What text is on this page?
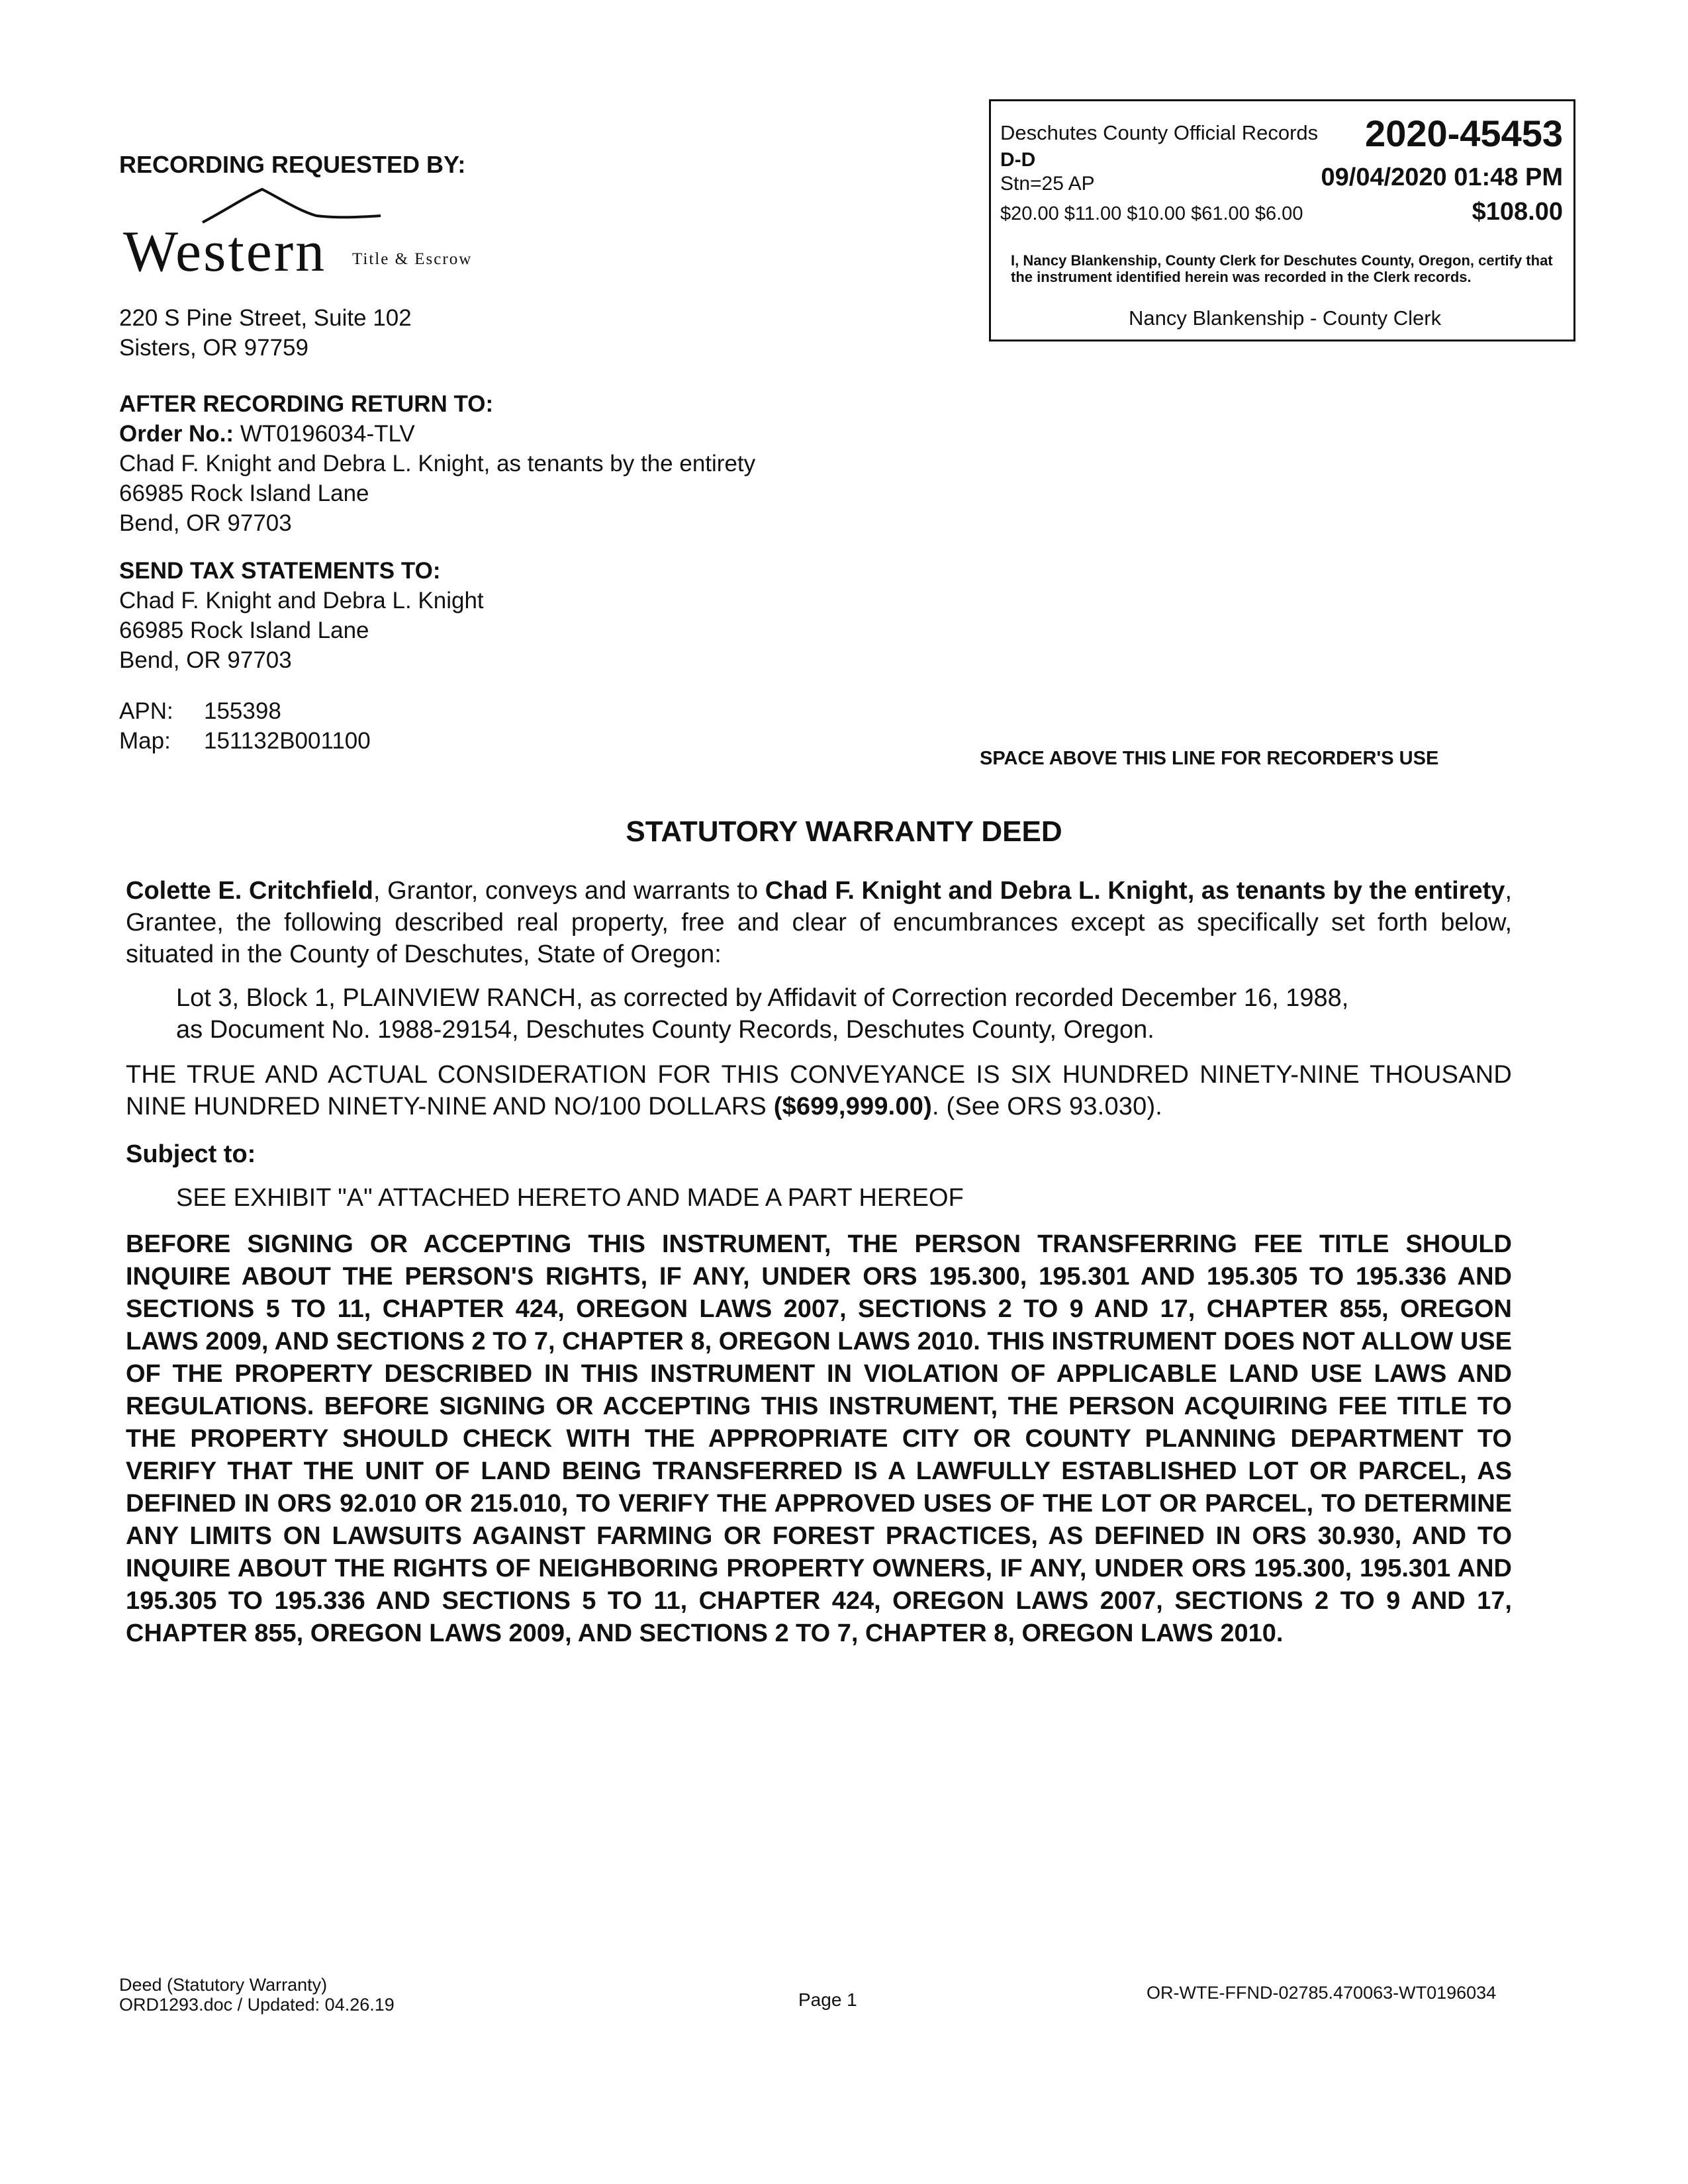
RECORDING REQUESTED BY:
Western Title & Escrow
220 S Pine Street, Suite 102
Sisters, OR 97759
AFTER RECORDING RETURN TO:
Order No.: WT0196034-TLV
Chad F. Knight and Debra L. Knight, as tenants by the entirety
66985 Rock Island Lane
Bend, OR 97703
SEND TAX STATEMENTS TO:
Chad F. Knight and Debra L. Knight
66985 Rock Island Lane
Bend, OR 97703
APN:	155398
Map:	151132B001100
Deschutes County Official Records 2020-45453
D-D
Stn=25 AP	09/04/2020 01:48 PM
$20.00 $11.00 $10.00 $61.00 $6.00	$108.00
I, Nancy Blankenship, County Clerk for Deschutes County, Oregon, certify that the instrument identified herein was recorded in the Clerk records.
Nancy Blankenship - County Clerk
SPACE ABOVE THIS LINE FOR RECORDER'S USE
STATUTORY WARRANTY DEED

Colette E. Critchfield, Grantor, conveys and warrants to Chad F. Knight and Debra L. Knight, as tenants by the entirety, Grantee, the following described real property, free and clear of encumbrances except as specifically set forth below, situated in the County of Deschutes, State of Oregon:

Lot 3, Block 1, PLAINVIEW RANCH, as corrected by Affidavit of Correction recorded December 16, 1988,
as Document No. 1988-29154, Deschutes County Records, Deschutes County, Oregon.

THE TRUE AND ACTUAL CONSIDERATION FOR THIS CONVEYANCE IS SIX HUNDRED NINETY-NINE THOUSAND NINE HUNDRED NINETY-NINE AND NO/100 DOLLARS ($699,999.00). (See ORS 93.030).

Subject to:

SEE EXHIBIT "A" ATTACHED HERETO AND MADE A PART HEREOF

BEFORE SIGNING OR ACCEPTING THIS INSTRUMENT, THE PERSON TRANSFERRING FEE TITLE SHOULD INQUIRE ABOUT THE PERSON'S RIGHTS, IF ANY, UNDER ORS 195.300, 195.301 AND 195.305 TO 195.336 AND SECTIONS 5 TO 11, CHAPTER 424, OREGON LAWS 2007, SECTIONS 2 TO 9 AND 17, CHAPTER 855, OREGON LAWS 2009, AND SECTIONS 2 TO 7, CHAPTER 8, OREGON LAWS 2010. THIS INSTRUMENT DOES NOT ALLOW USE OF THE PROPERTY DESCRIBED IN THIS INSTRUMENT IN VIOLATION OF APPLICABLE LAND USE LAWS AND REGULATIONS. BEFORE SIGNING OR ACCEPTING THIS INSTRUMENT, THE PERSON ACQUIRING FEE TITLE TO THE PROPERTY SHOULD CHECK WITH THE APPROPRIATE CITY OR COUNTY PLANNING DEPARTMENT TO VERIFY THAT THE UNIT OF LAND BEING TRANSFERRED IS A LAWFULLY ESTABLISHED LOT OR PARCEL, AS DEFINED IN ORS 92.010 OR 215.010, TO VERIFY THE APPROVED USES OF THE LOT OR PARCEL, TO DETERMINE ANY LIMITS ON LAWSUITS AGAINST FARMING OR FOREST PRACTICES, AS DEFINED IN ORS 30.930, AND TO INQUIRE ABOUT THE RIGHTS OF NEIGHBORING PROPERTY OWNERS, IF ANY, UNDER ORS 195.300, 195.301 AND 195.305 TO 195.336 AND SECTIONS 5 TO 11, CHAPTER 424, OREGON LAWS 2007, SECTIONS 2 TO 9 AND 17, CHAPTER 855, OREGON LAWS 2009, AND SECTIONS 2 TO 7, CHAPTER 8, OREGON LAWS 2010.

Deed (Statutory Warranty)
ORD1293.doc / Updated: 04.26.19	Page 1	OR-WTE-FFND-02785.470063-WT0196034
